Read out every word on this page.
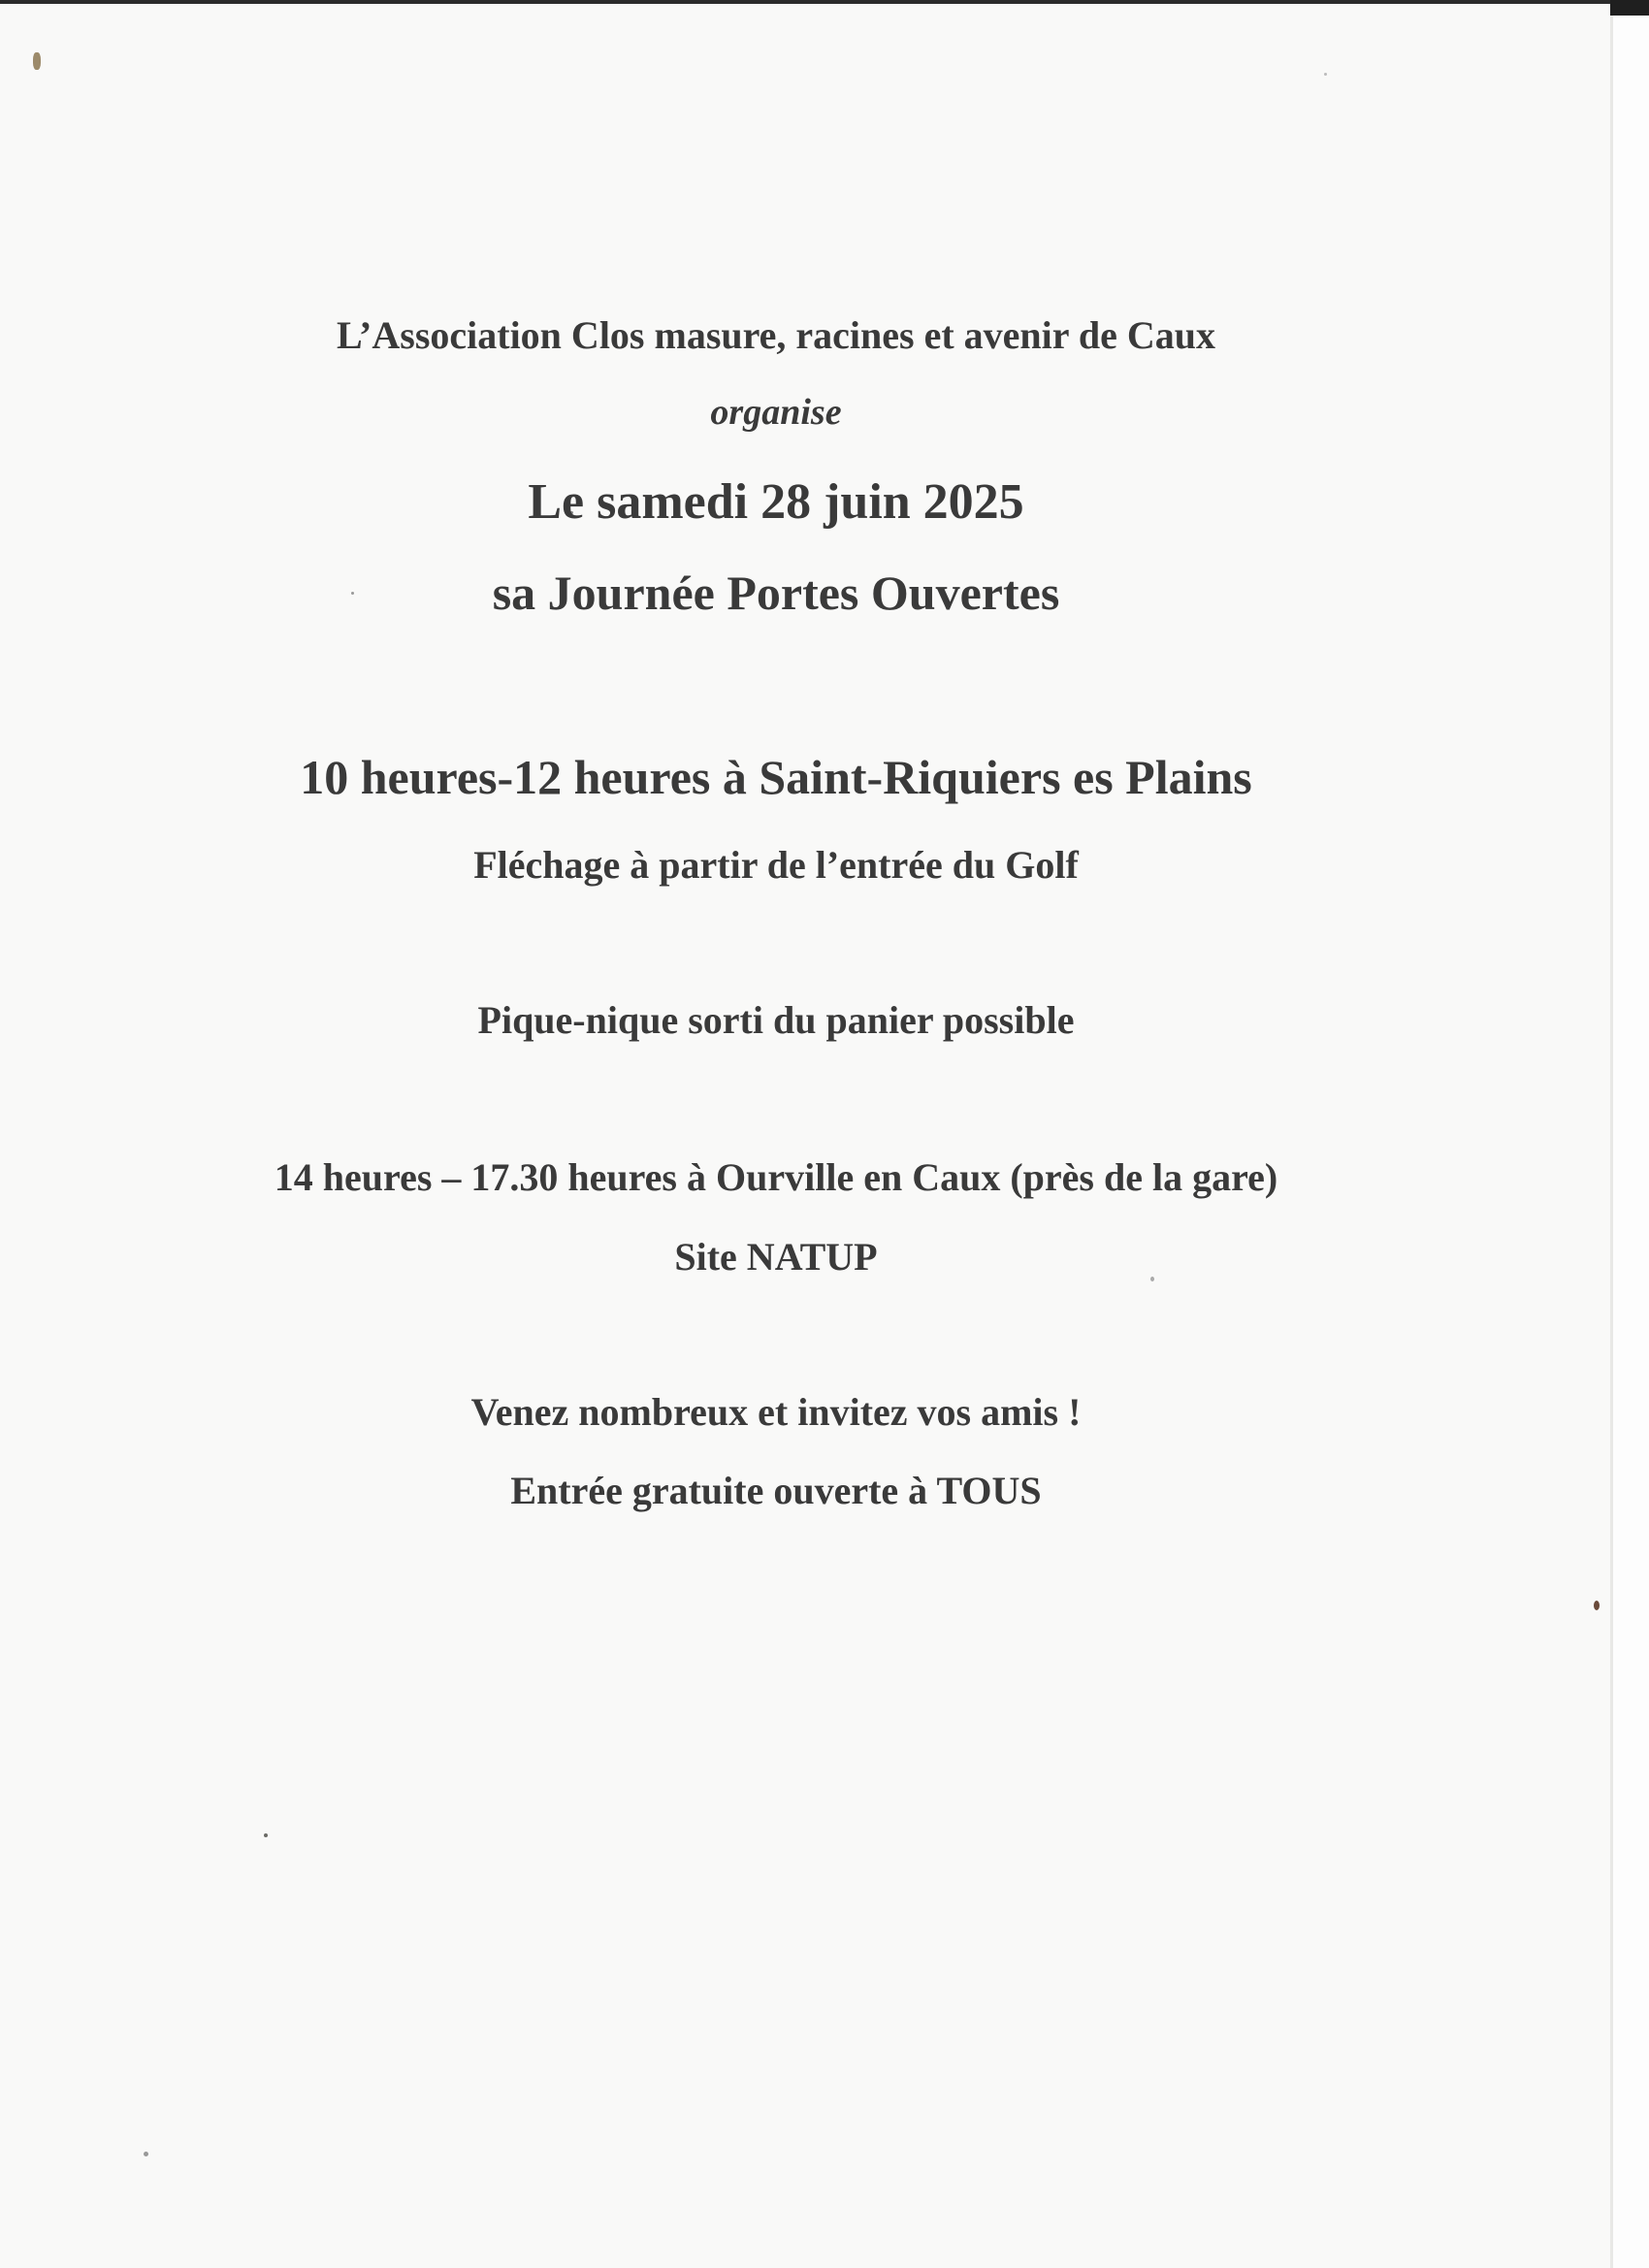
L’Association Clos masure, racines et avenir de Caux
organise
Le samedi 28 juin 2025
sa Journée Portes Ouvertes
10 heures-12 heures à Saint-Riquiers es Plains
Fléchage à partir de l’entrée du Golf
Pique-nique sorti du panier possible
14 heures – 17.30 heures à Ourville en Caux (près de la gare)
Site NATUP
Venez nombreux et invitez vos amis !
Entrée gratuite ouverte à TOUS
